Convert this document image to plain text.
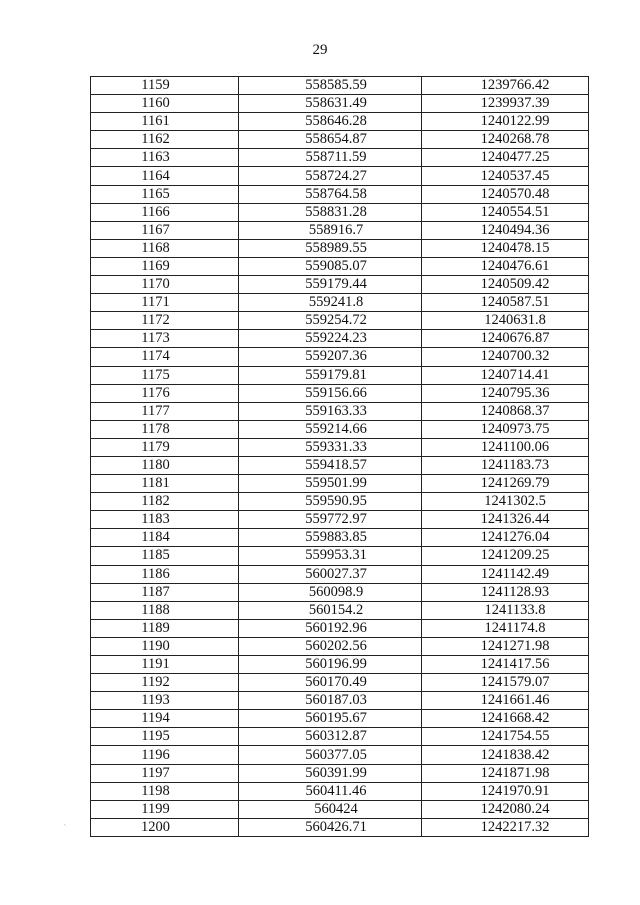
29
1159	558585.59	1239766.42
1160	558631.49	1239937.39
1161	558646.28	1240122.99
1162	558654.87	1240268.78
1163	558711.59	1240477.25
1164	558724.27	1240537.45
1165	558764.58	1240570.48
1166	558831.28	1240554.51
1167	558916.7	1240494.36
1168	558989.55	1240478.15
1169	559085.07	1240476.61
1170	559179.44	1240509.42
1171	559241.8	1240587.51
1172	559254.72	1240631.8
1173	559224.23	1240676.87
1174	559207.36	1240700.32
1175	559179.81	1240714.41
1176	559156.66	1240795.36
1177	559163.33	1240868.37
1178	559214.66	1240973.75
1179	559331.33	1241100.06
1180	559418.57	1241183.73
1181	559501.99	1241269.79
1182	559590.95	1241302.5
1183	559772.97	1241326.44
1184	559883.85	1241276.04
1185	559953.31	1241209.25
1186	560027.37	1241142.49
1187	560098.9	1241128.93
1188	560154.2	1241133.8
1189	560192.96	1241174.8
1190	560202.56	1241271.98
1191	560196.99	1241417.56
1192	560170.49	1241579.07
1193	560187.03	1241661.46
1194	560195.67	1241668.42
1195	560312.87	1241754.55
1196	560377.05	1241838.42
1197	560391.99	1241871.98
1198	560411.46	1241970.91
1199	560424	1242080.24
1200	560426.71	1242217.32
ˏ
